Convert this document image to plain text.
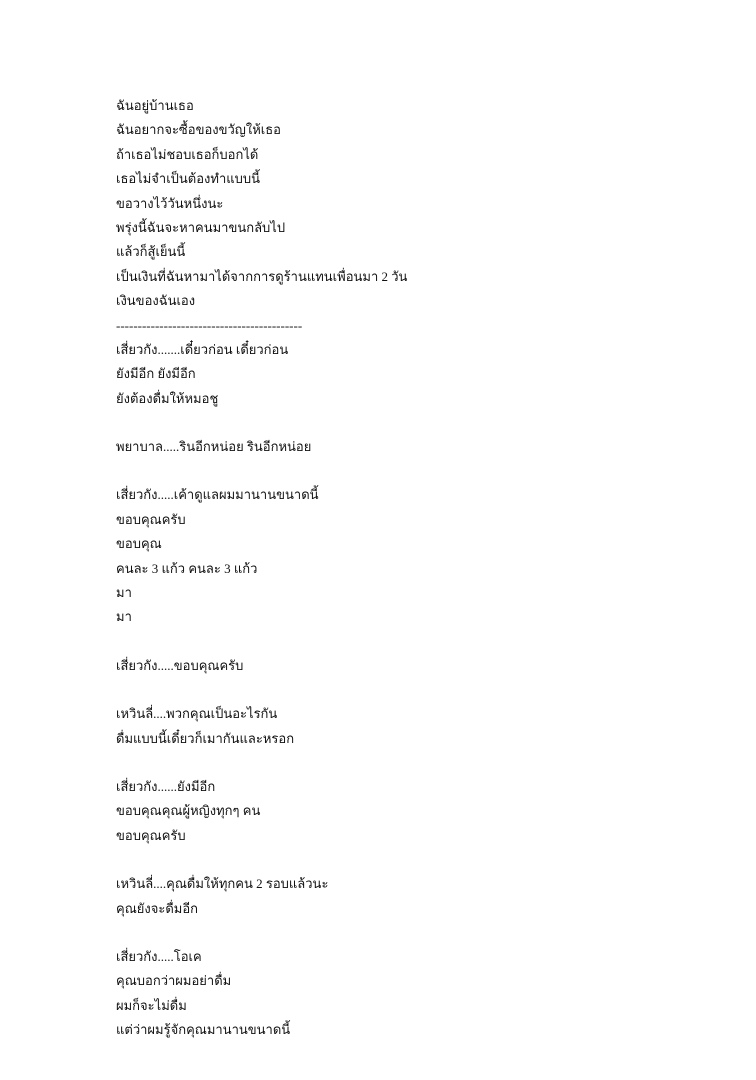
ฉันอยู่บ้านเธอ
ฉันอยากจะซื้อของขวัญให้เธอ
ถ้าเธอไม่ชอบเธอก็บอกได้
เธอไม่จำเป็นต้องทำแบบนี้
ขอวางไว้วันหนึ่งนะ
พรุ่งนี้ฉันจะหาคนมาขนกลับไป
แล้วก็สู้เย็นนี้
เป็นเงินที่ฉันหามาได้จากการดูร้านแทนเพื่อนมา 2 วัน
เงินของฉันเอง
-------------------------------------------
เสี่ยวกัง.......เดี๋ยวก่อน เดี๋ยวก่อน
ยังมีอีก ยังมีอีก
ยังต้องดื่มให้หมอชู
พยาบาล.....รินอีกหน่อย รินอีกหน่อย
เสี่ยวกัง.....เค้าดูแลผมมานานขนาดนี้
ขอบคุณครับ
ขอบคุณ
คนละ 3 แก้ว คนละ 3 แก้ว
มา
มา
เสี่ยวกัง.....ขอบคุณครับ
เหวินลี่....พวกคุณเป็นอะไรกัน
ดื่มแบบนี้เดี๋ยวก็เมากันและหรอก
เสี่ยวกัง......ยังมีอีก
ขอบคุณคุณผู้หญิงทุกๆ คน
ขอบคุณครับ
เหวินลี่....คุณดื่มให้ทุกคน 2 รอบแล้วนะ
คุณยังจะดื่มอีก
เสี่ยวกัง.....โอเค
คุณบอกว่าผมอย่าดื่ม
ผมก็จะไม่ดื่ม
แต่ว่าผมรู้จักคุณมานานขนาดนี้
